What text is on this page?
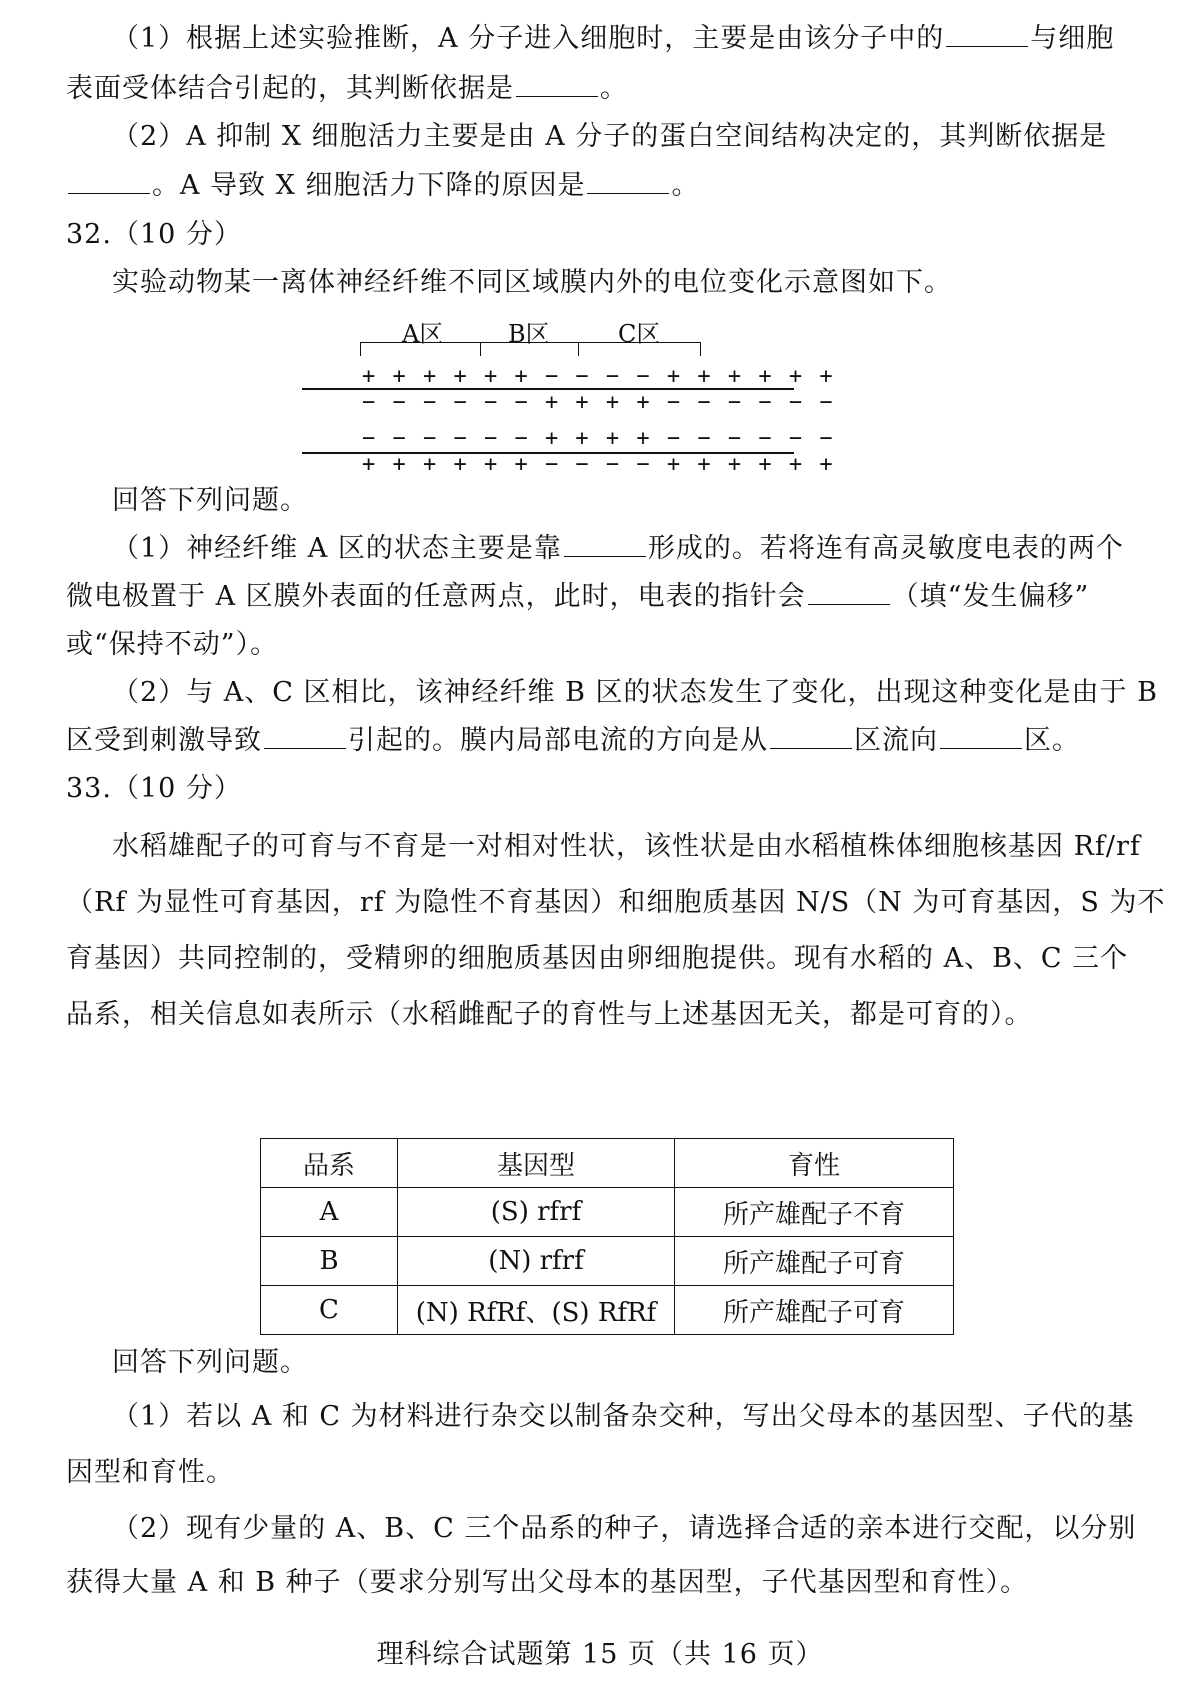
（1）根据上述实验推断，A 分子进入细胞时，主要是由该分子中的	与细胞
表面受体结合引起的，其判断依据是	。
（2）A 抑制 X 细胞活力主要是由 A 分子的蛋白空间结构决定的，其判断依据是
。A 导致 X 细胞活力下降的原因是	。
32.（10 分）
实验动物某一离体神经纤维不同区域膜内外的电位变化示意图如下。
A区	B区	C区
+ + + + + + − − − − + + + + + +
− − − − − − + + + + − − − − − −
− − − − − − + + + + − − − − − −
+ + + + + + − − − − + + + + + +
回答下列问题。
（1）神经纤维 A 区的状态主要是靠	形成的。若将连有高灵敏度电表的两个
微电极置于 A 区膜外表面的任意两点，此时，电表的指针会	（填“发生偏移”
或“保持不动”）。
（2）与 A、C 区相比，该神经纤维 B 区的状态发生了变化，出现这种变化是由于 B
区受到刺激导致	引起的。膜内局部电流的方向是从	区流向	区。
33.（10 分）
水稻雄配子的可育与不育是一对相对性状，该性状是由水稻植株体细胞核基因 Rf/rf
（Rf 为显性可育基因，rf 为隐性不育基因）和细胞质基因 N/S（N 为可育基因，S 为不
育基因）共同控制的，受精卵的细胞质基因由卵细胞提供。现有水稻的 A、B、C 三个
品系，相关信息如表所示（水稻雌配子的育性与上述基因无关，都是可育的）。
品系	基因型	育性
A	(S) rfrf	所产雄配子不育
B	(N) rfrf	所产雄配子可育
C	(N) RfRf、(S) RfRf	所产雄配子可育
回答下列问题。
（1）若以 A 和 C 为材料进行杂交以制备杂交种，写出父母本的基因型、子代的基
因型和育性。
（2）现有少量的 A、B、C 三个品系的种子，请选择合适的亲本进行交配，以分别
获得大量 A 和 B 种子（要求分别写出父母本的基因型，子代基因型和育性）。
理科综合试题第 15 页（共 16 页）
